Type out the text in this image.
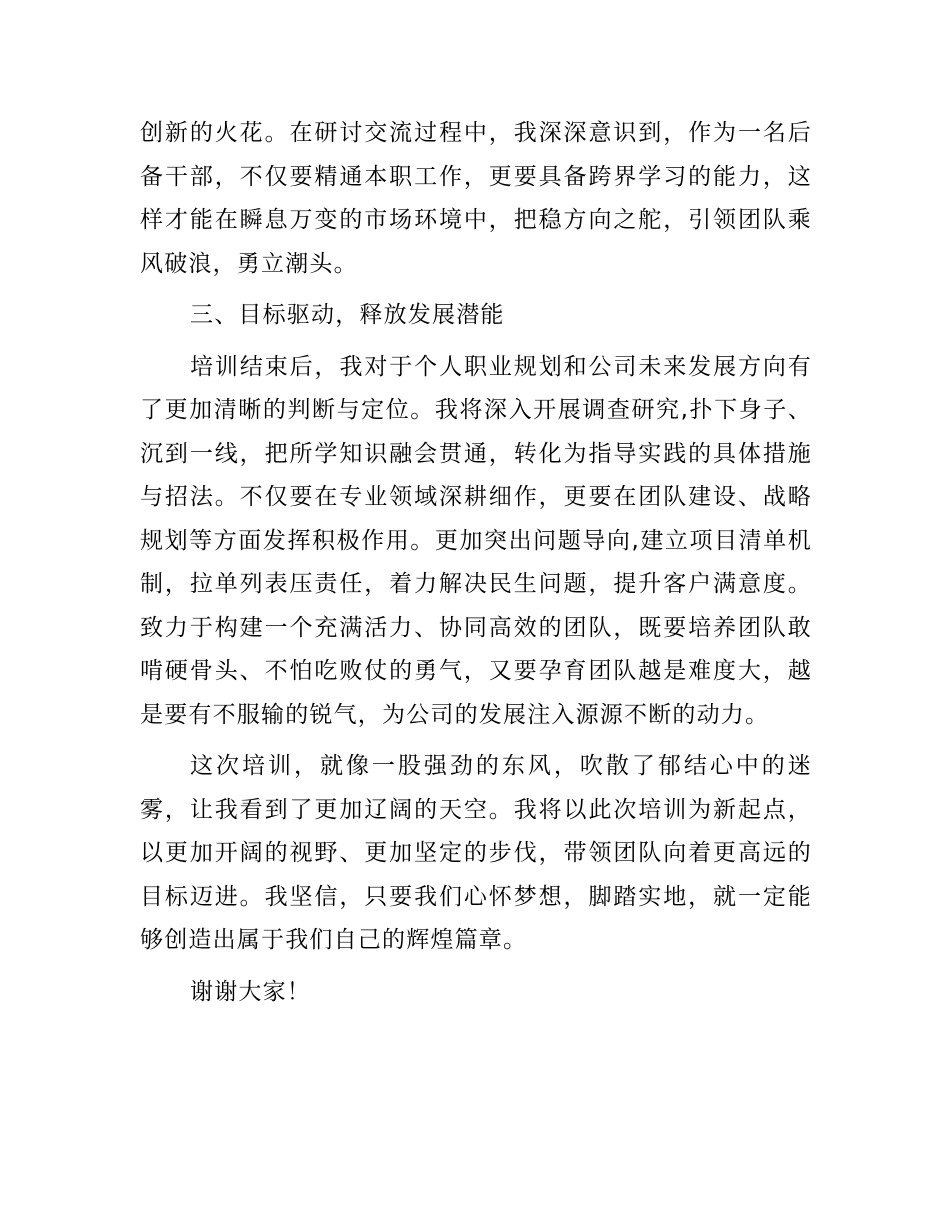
创新的火花。在研讨交流过程中，我深深意识到，作为一名后备干部，不仅要精通本职工作，更要具备跨界学习的能力，这样才能在瞬息万变的市场环境中，把稳方向之舵，引领团队乘风破浪，勇立潮头。

三、目标驱动，释放发展潜能

培训结束后，我对于个人职业规划和公司未来发展方向有了更加清晰的判断与定位。我将深入开展调查研究,扑下身子、沉到一线，把所学知识融会贯通，转化为指导实践的具体措施与招法。不仅要在专业领域深耕细作，更要在团队建设、战略规划等方面发挥积极作用。更加突出问题导向,建立项目清单机制，拉单列表压责任，着力解决民生问题，提升客户满意度。致力于构建一个充满活力、协同高效的团队，既要培养团队敢啃硬骨头、不怕吃败仗的勇气，又要孕育团队越是难度大，越是要有不服输的锐气，为公司的发展注入源源不断的动力。

这次培训，就像一股强劲的东风，吹散了郁结心中的迷雾，让我看到了更加辽阔的天空。我将以此次培训为新起点，以更加开阔的视野、更加坚定的步伐，带领团队向着更高远的目标迈进。我坚信，只要我们心怀梦想，脚踏实地，就一定能够创造出属于我们自己的辉煌篇章。

谢谢大家！
